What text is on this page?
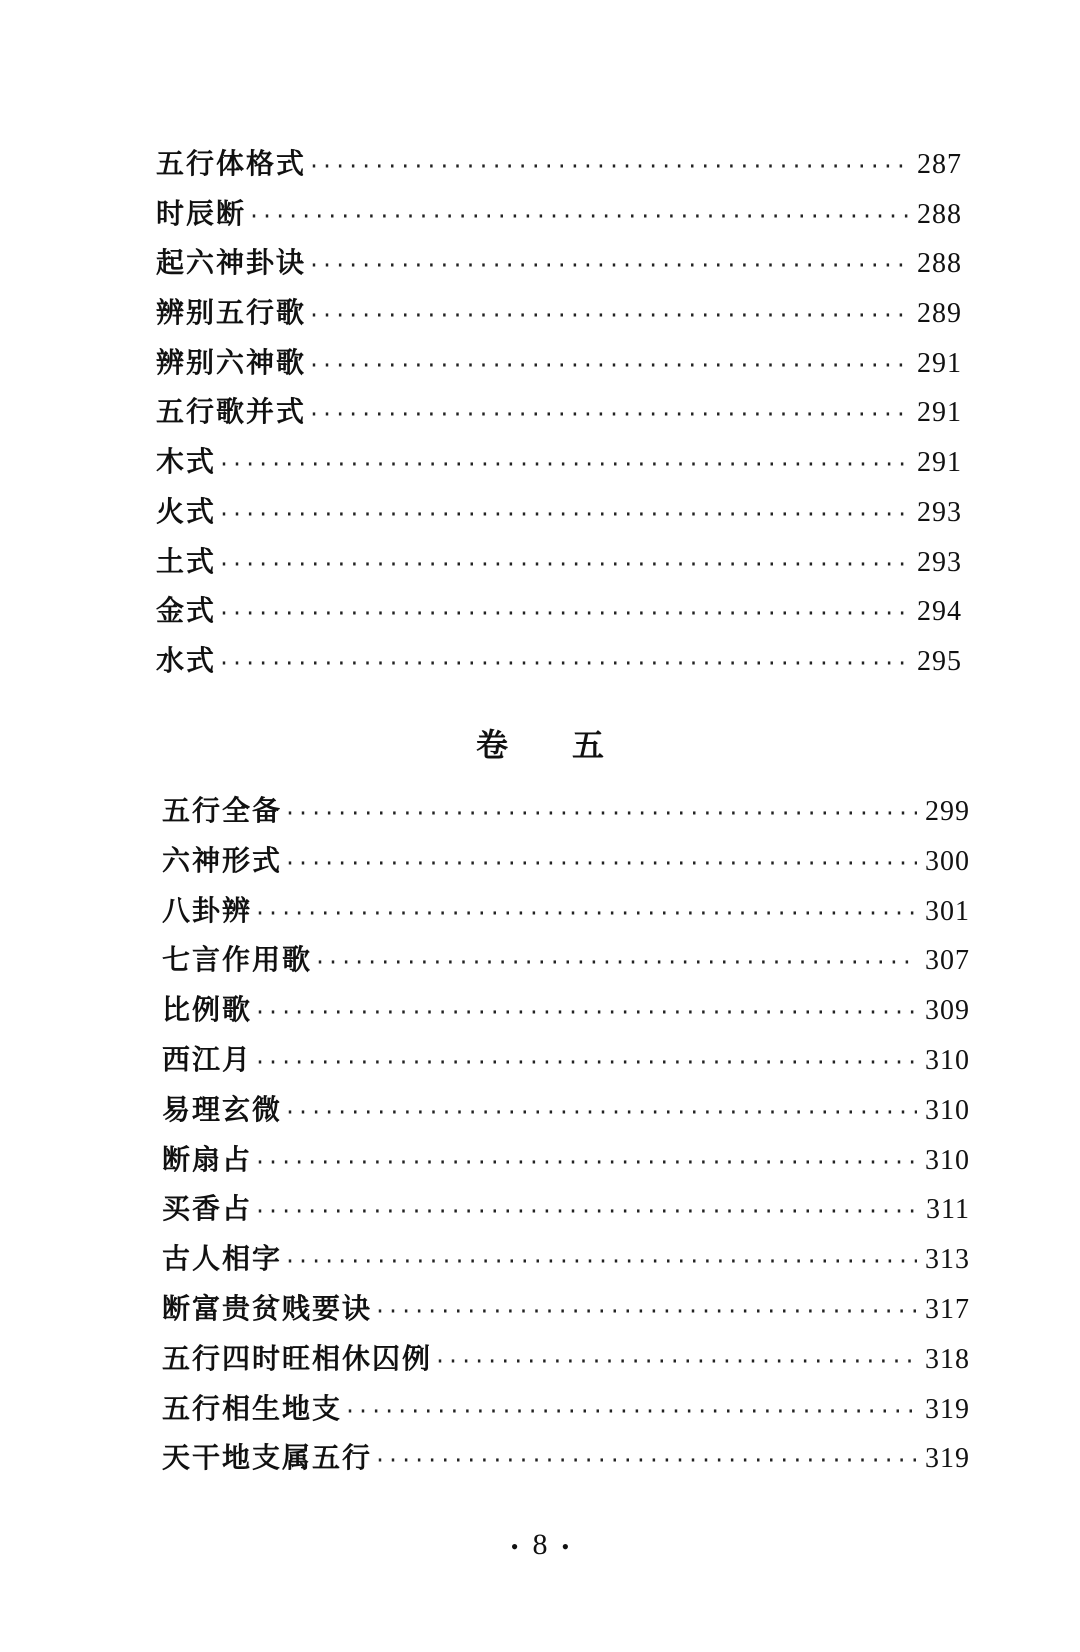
五行体格式 ·····	287
时辰断 ·····	288
起六神卦诀 ·····	288
辨别五行歌 ·····	289
辨别六神歌 ·····	291
五行歌并式 ·····	291
木式 ·····	291
火式 ·····	293
土式 ·····	293
金式 ·····	294
水式 ·····	295
卷五
五行全备 ·····	299
六神形式 ·····	300
八卦辨 ·····	301
七言作用歌 ·····	307
比例歌 ·····	309
西江月 ·····	310
易理玄微 ·····	310
断扇占 ·····	310
买香占 ·····	311
古人相字 ·····	313
断富贵贫贱要诀 ·····	317
五行四时旺相休囚例 ·····	318
五行相生地支 ·····	319
天干地支属五行 ·····	319
• 8 •
